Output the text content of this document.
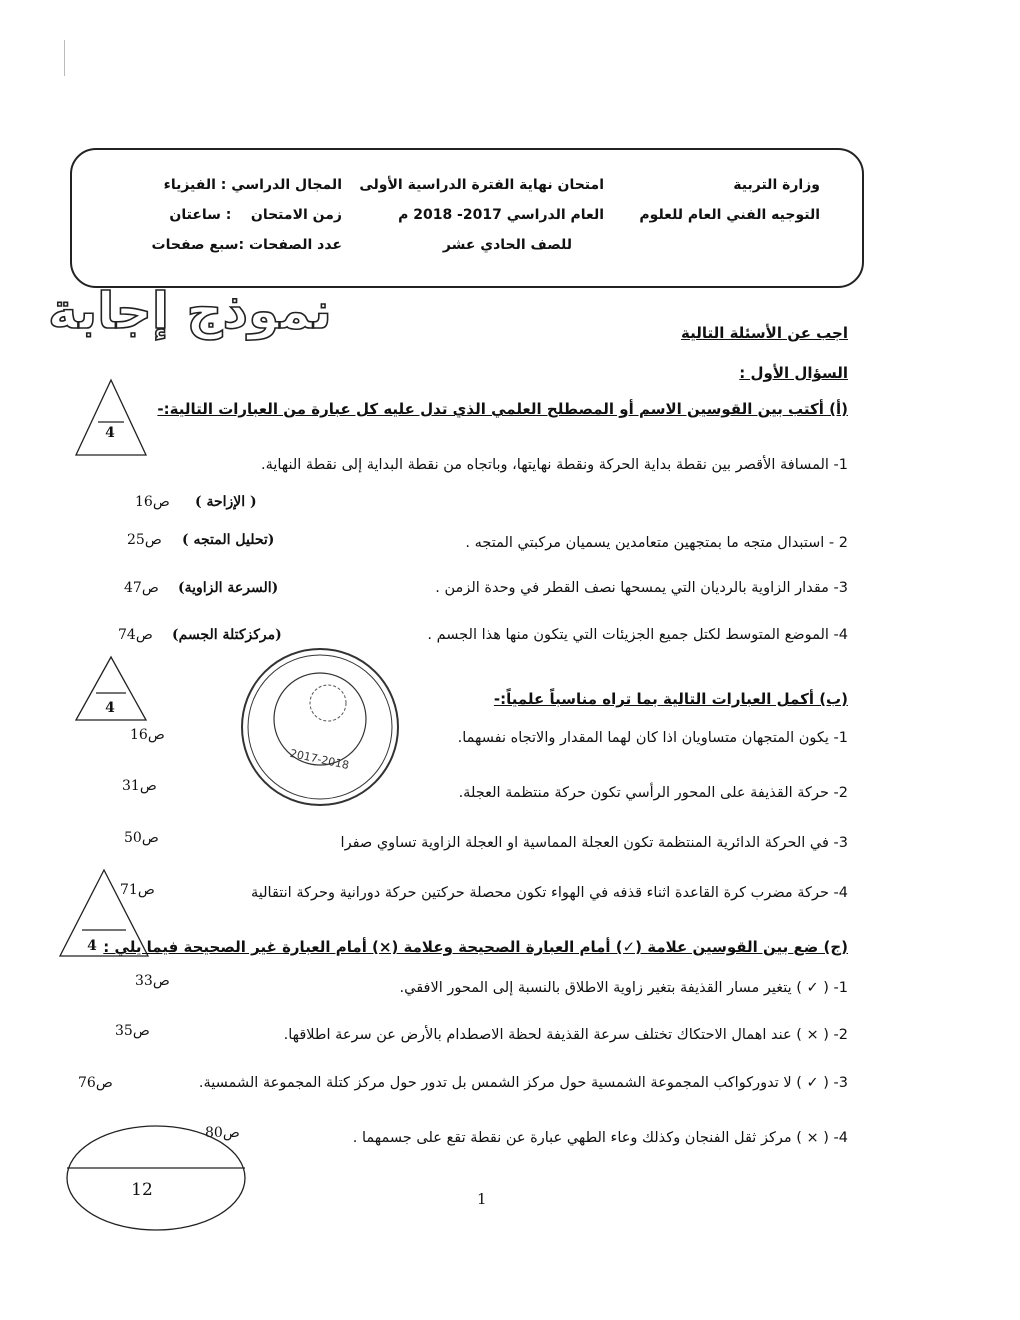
وزارة التربية
التوجيه الفني العام للعلوم
امتحان نهاية الفترة الدراسية الأولى
العام الدراسي 2017- 2018 م
للصف الحادي عشر
المجال الدراسي : الفيزياء
زمن الامتحان    : ساعتان
عدد الصفحات :سبع صفحات
نموذج إجابة	اجب عن الأسئلة التالية
السؤال الأول :
(أ) أكتب بين القوسين الاسم أو المصطلح العلمي الذي تدل عليه كل عبارة من العبارات التالية:-
4
1- المسافة الأقصر بين نقطة بداية الحركة ونقطة نهايتها، وباتجاه من نقطة البداية إلى نقطة النهاية.
( الإزاحة )
ص16
2 - استبدال متجه ما بمتجهين متعامدين يسميان مركبتي المتجه .
(تحليل المتجه )
ص25
3- مقدار الزاوية بالرديان التي يمسحها نصف القطر في وحدة الزمن .
(السرعة الزاوية)
ص47
4- الموضع المتوسط لكتل جميع الجزيئات التي يتكون منها هذا الجسم .
(مركزكتلة الجسم)
ص74
4
2017-2018
(ب) أكمل العبارات التالية بما تراه مناسباً علمياً:-
1- يكون المتجهان متساويان اذا كان لهما المقدار والاتجاه نفسهما.
ص16
2- حركة القذيفة على المحور الرأسي تكون حركة منتظمة العجلة.
ص31
3- في الحركة الدائرية المنتظمة تكون العجلة المماسية او العجلة الزاوية تساوي صفرا
ص50
4- حركة مضرب كرة القاعدة اثناء قذفه في الهواء تكون محصلة حركتين حركة دورانية وحركة انتقالية
ص71
4 (ج) ضع بين القوسين علامة (✓) أمام العبارة الصحيحة وعلامة (×) أمام العبارة غير الصحيحة فيما يلي :
1- ( ✓ ) يتغير مسار القذيفة بتغير زاوية الاطلاق بالنسبة إلى المحور الافقي.
ص33
2- ( × ) عند اهمال الاحتكاك تختلف سرعة القذيفة لحظة الاصطدام بالأرض عن سرعة اطلاقها.
ص35
3- ( ✓ ) لا تدوركواكب المجموعة الشمسية حول مركز الشمس بل تدور حول مركز كتلة المجموعة الشمسية.
ص76
4- ( × ) مركز ثقل الفنجان وكذلك وعاء الطهي عبارة عن نقطة تقع على جسمهما .
ص80
12	1
